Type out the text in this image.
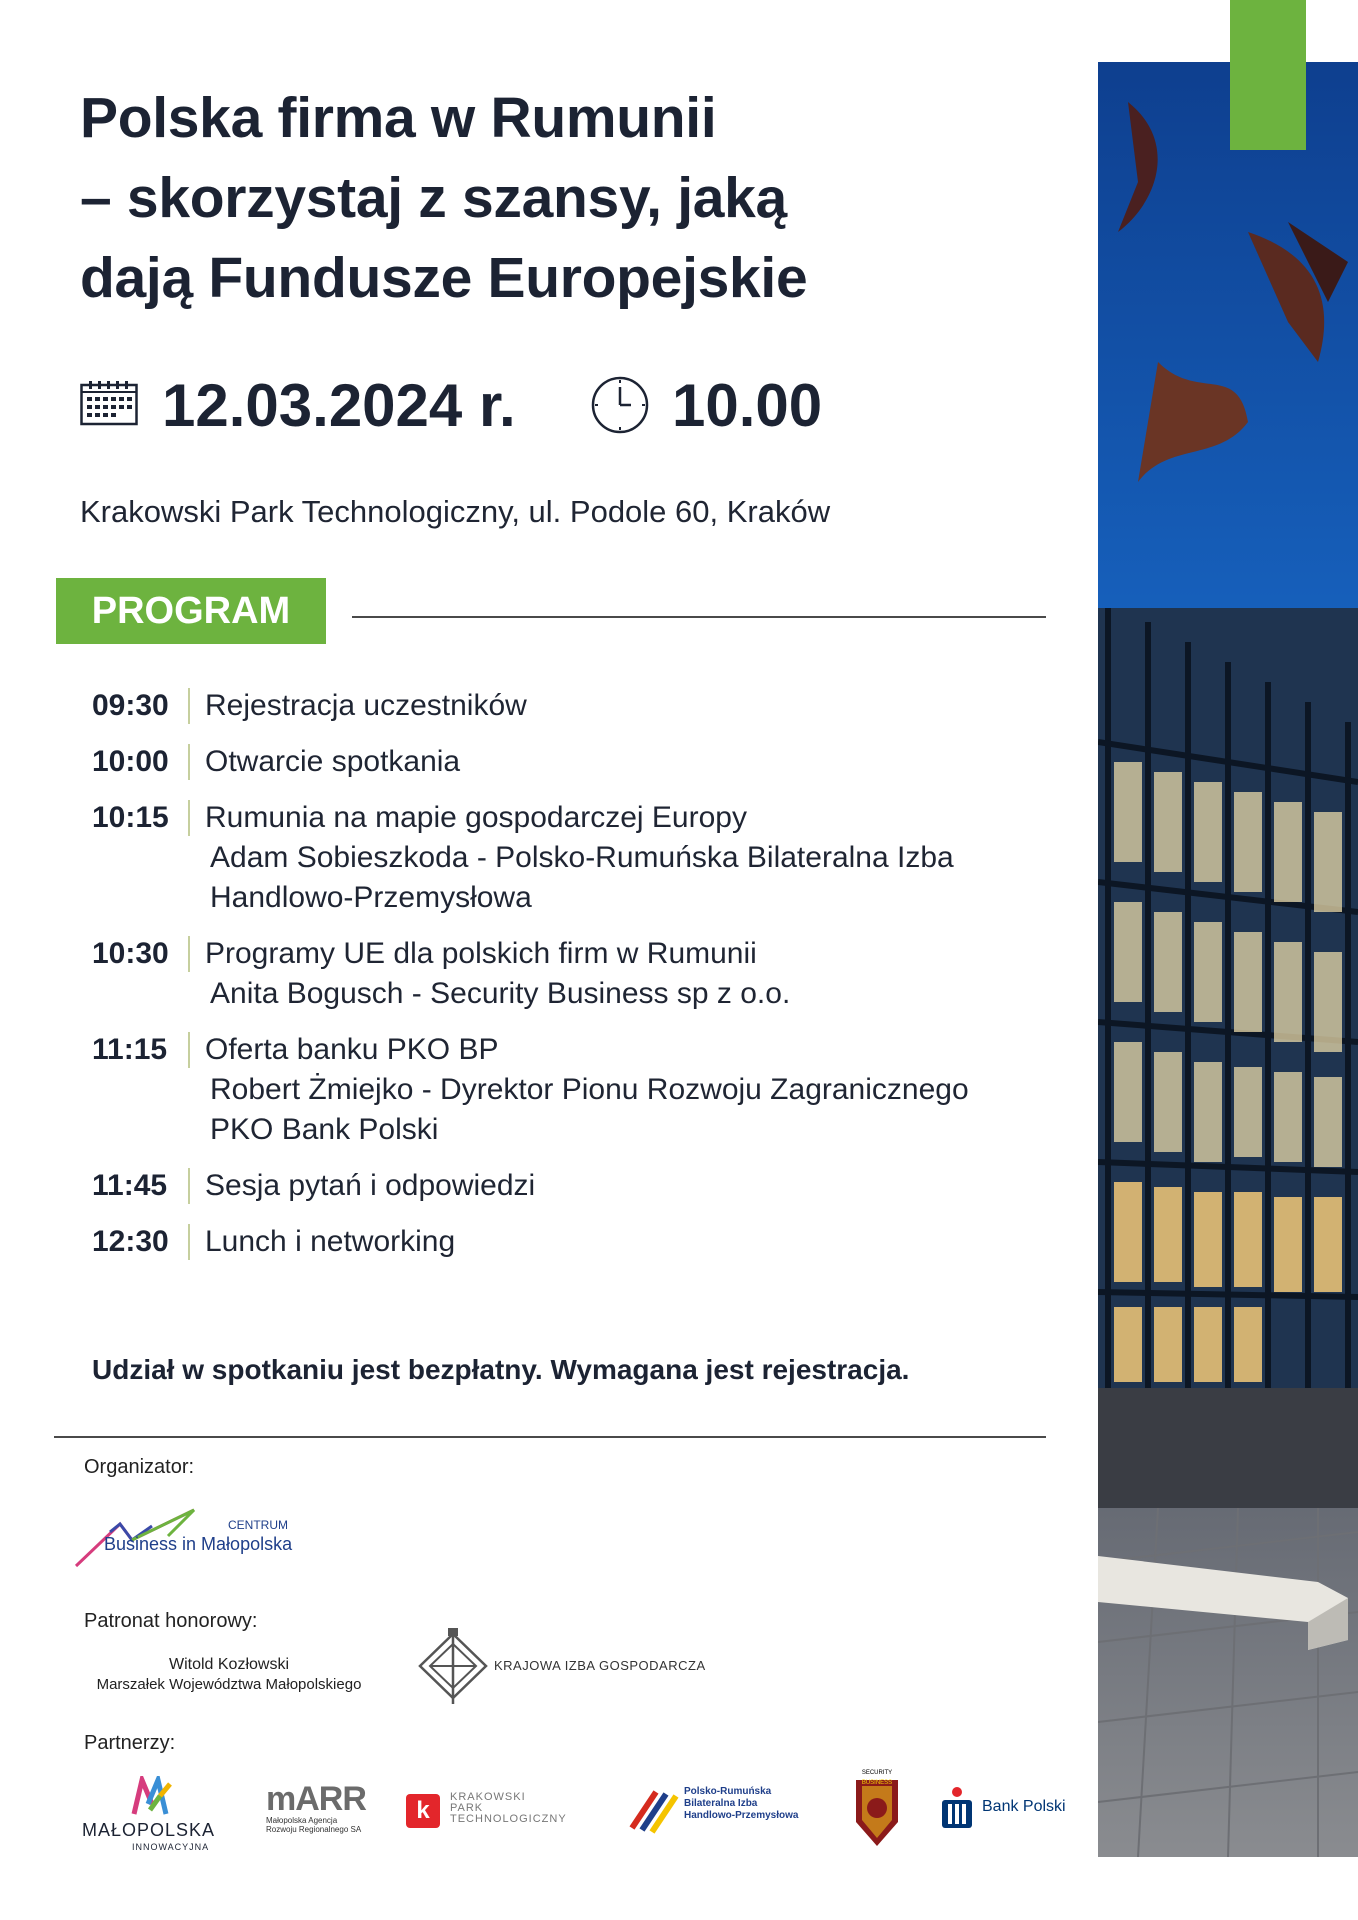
Polska firma w Rumunii
– skorzystaj z szansy, jaką
dają Fundusze Europejskie
12.03.2024 r.	10.00
Krakowski Park Technologiczny, ul. Podole 60, Kraków
PROGRAM
09:30 Rejestracja uczestników
10:00 Otwarcie spotkania
10:15 Rumunia na mapie gospodarczej Europy
Adam Sobieszkoda - Polsko-Rumuńska Bilateralna Izba
Handlowo-Przemysłowa
10:30 Programy UE dla polskich firm w Rumunii
Anita Bogusch - Security Business sp z o.o.
11:15 Oferta banku PKO BP
Robert Żmiejko - Dyrektor Pionu Rozwoju Zagranicznego
PKO Bank Polski
11:45 Sesja pytań i odpowiedzi
12:30 Lunch i networking
Udział w spotkaniu jest bezpłatny. Wymagana jest rejestracja.
Organizator:
CENTRUM
Business in Małopolska
Patronat honorowy:
Witold Kozłowski
Marszałek Województwa Małopolskiego
KRAJOWA IZBA GOSPODARCZA
Partnerzy:
MAŁOPOLSKA
INNOWACYJNA
mARR
Małopolska Agencja
Rozwoju Regionalnego SA
k	KRAKOWSKI
PARK
TECHNOLOGICZNY
Polsko-Rumuńska
Bilateralna Izba
Handlowo-Przemysłowa
SECURITY
BUSINESS
Bank Polski
